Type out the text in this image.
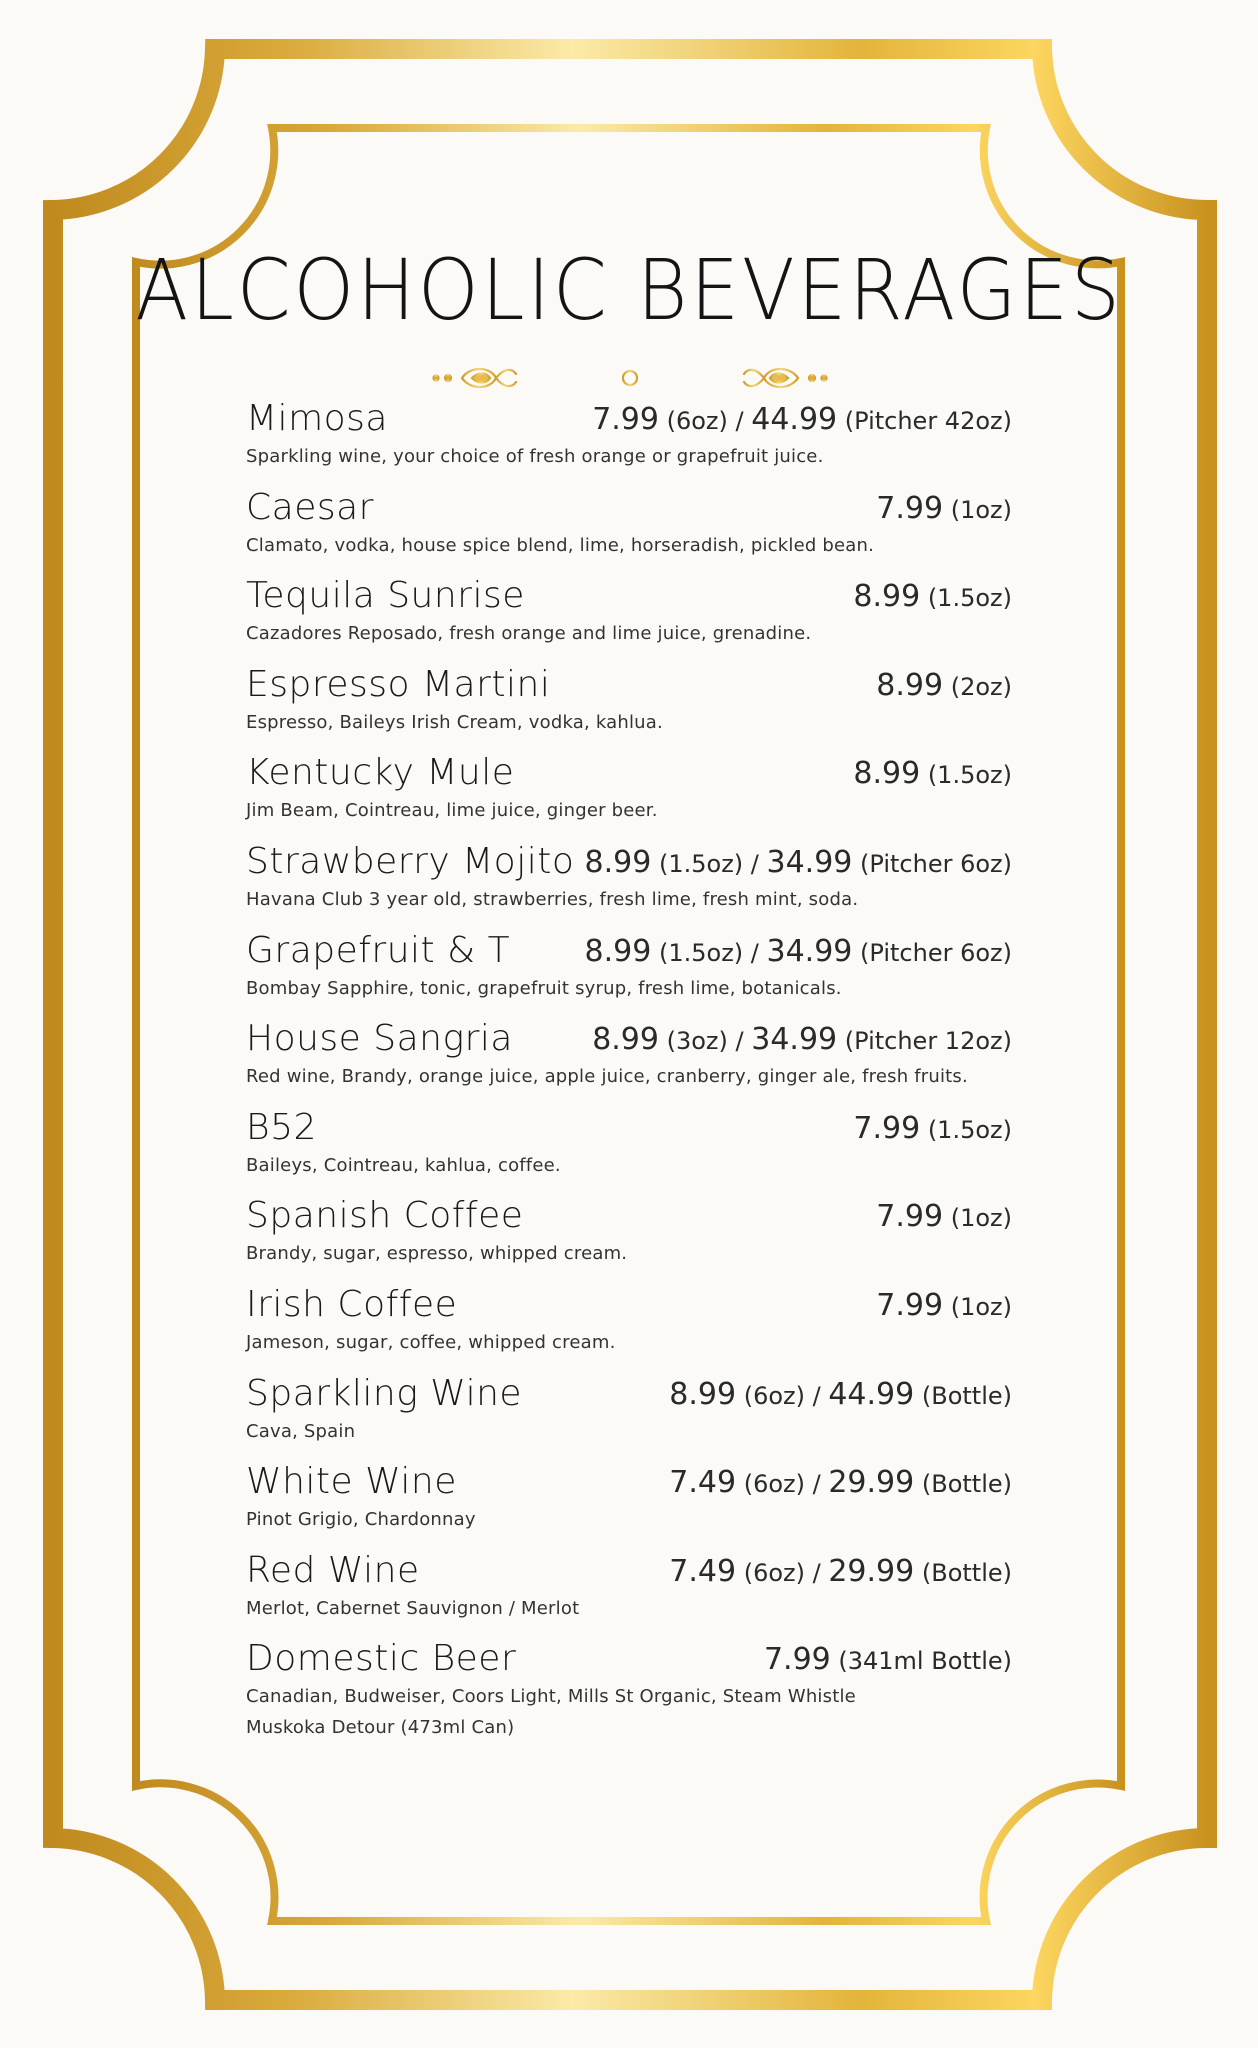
ALCOHOLIC BEVERAGES
Mimosa	7.99 (6oz) / 44.99 (Pitcher 42oz)
Sparkling wine, your choice of fresh orange or grapefruit juice.
Caesar	7.99 (1oz)
Clamato, vodka, house spice blend, lime, horseradish, pickled bean.
Tequila Sunrise	8.99 (1.5oz)
Cazadores Reposado, fresh orange and lime juice, grenadine.
Espresso Martini	8.99 (2oz)
Espresso, Baileys Irish Cream, vodka, kahlua.
Kentucky Mule	8.99 (1.5oz)
Jim Beam, Cointreau, lime juice, ginger beer.
Strawberry Mojito 8.99 (1.5oz) / 34.99 (Pitcher 6oz)
Havana Club 3 year old, strawberries, fresh lime, fresh mint, soda.
Grapefruit & T 8.99 (1.5oz) / 34.99 (Pitcher 6oz)
Bombay Sapphire, tonic, grapefruit syrup, fresh lime, botanicals.
House Sangria	8.99 (3oz) / 34.99 (Pitcher 12oz)
Red wine, Brandy, orange juice, apple juice, cranberry, ginger ale, fresh fruits.
B52	7.99 (1.5oz)
Baileys, Cointreau, kahlua, coffee.
Spanish Coffee	7.99 (1oz)
Brandy, sugar, espresso, whipped cream.
Irish Coffee	7.99 (1oz)
Jameson, sugar, coffee, whipped cream.
Sparkling Wine	8.99 (6oz) / 44.99 (Bottle)
Cava, Spain
White Wine	7.49 (6oz) / 29.99 (Bottle)
Pinot Grigio, Chardonnay
Red Wine	7.49 (6oz) / 29.99 (Bottle)
Merlot, Cabernet Sauvignon / Merlot
Domestic Beer	7.99 (341ml Bottle)
Canadian, Budweiser, Coors Light, Mills St Organic, Steam Whistle
Muskoka Detour (473ml Can)
